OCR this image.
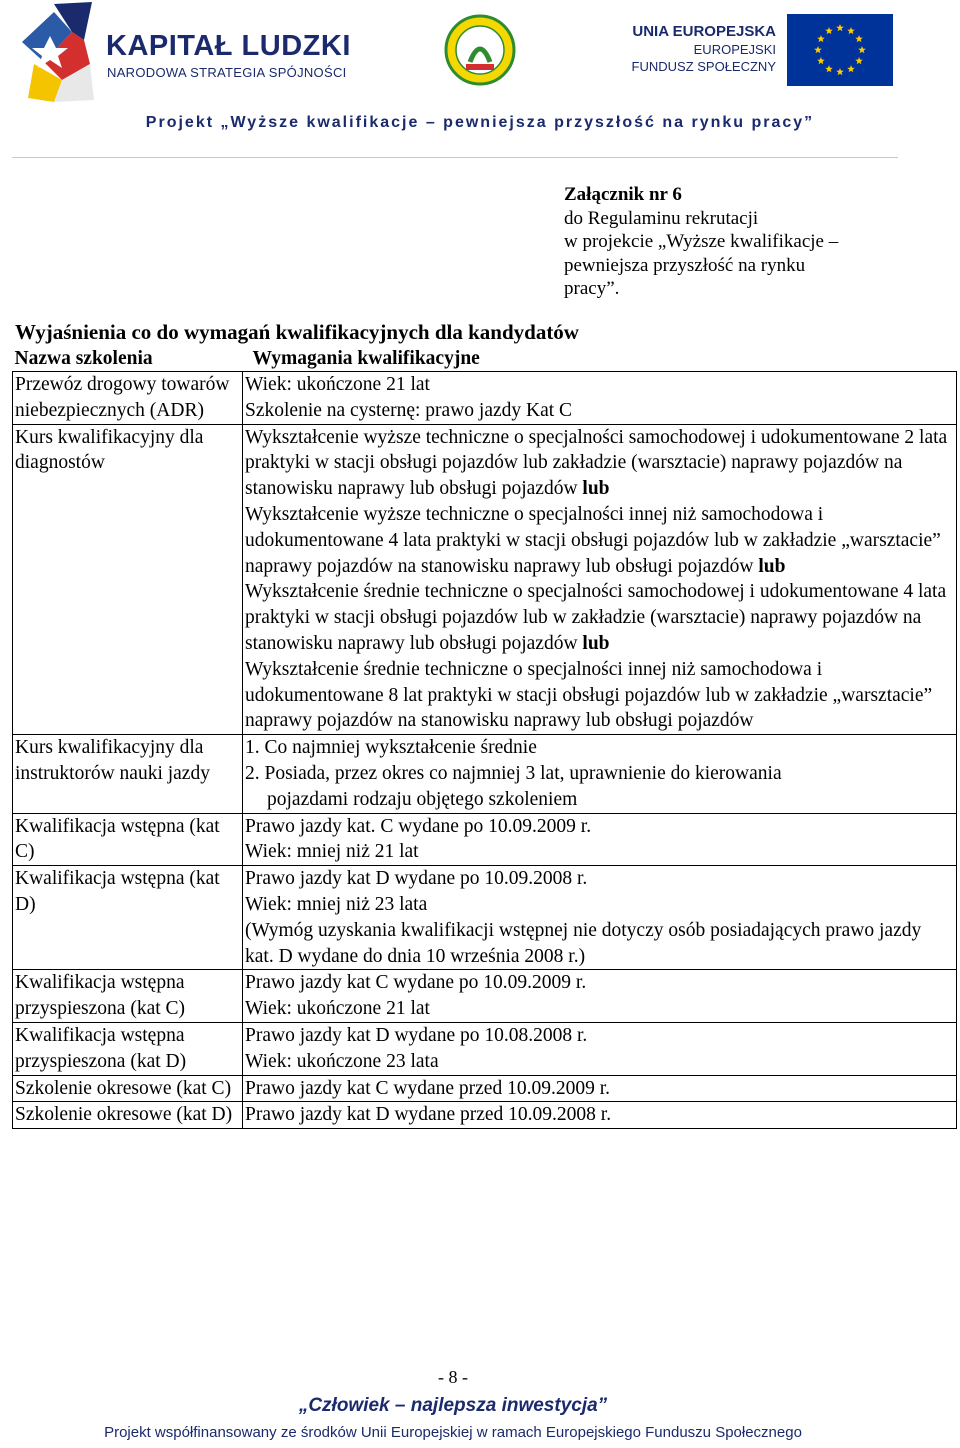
KAPITAŁ LUDZKI
NARODOWA STRATEGIA SPÓJNOŚCI
UNIA EUROPEJSKA
EUROPEJSKI
FUNDUSZ SPOŁECZNY
Projekt „Wyższe kwalifikacje – pewniejsza przyszłość na rynku pracy”
Załącznik nr 6
do Regulaminu rekrutacji
w projekcie „Wyższe kwalifikacje –
pewniejsza przyszłość na rynku
pracy”.
Wyjaśnienia co do wymagań kwalifikacyjnych dla kandydatów
Nazwa szkolenia	Wymagania kwalifikacyjne
Przewóz drogowy towarów niebezpiecznych (ADR)	Wiek: ukończone 21 lat

Szkolenie na cysternę: prawo jazdy Kat C

Kurs kwalifikacyjny dla diagnostów	Wykształcenie wyższe techniczne o specjalności samochodowej i udokumentowane 2 lata praktyki w stacji obsługi pojazdów lub zakładzie (warsztacie) naprawy pojazdów na stanowisku naprawy lub obsługi pojazdów lub

Wykształcenie wyższe techniczne o specjalności innej niż samochodowa i udokumentowane 4 lata praktyki w stacji obsługi pojazdów lub w zakładzie „warsztacie” naprawy pojazdów na stanowisku naprawy lub obsługi pojazdów lub

Wykształcenie średnie techniczne o specjalności samochodowej i udokumentowane 4 lata praktyki w stacji obsługi pojazdów lub w zakładzie (warsztacie) naprawy pojazdów na stanowisku naprawy lub obsługi pojazdów lub

Wykształcenie średnie techniczne o specjalności innej niż samochodowa i udokumentowane 8 lat praktyki w stacji obsługi pojazdów lub w zakładzie „warsztacie” naprawy pojazdów na stanowisku naprawy lub obsługi pojazdów

Kurs kwalifikacyjny dla instruktorów nauki jazdy	1. Co najmniej wykształcenie średnie

2. Posiada, przez okres co najmniej 3 lat, uprawnienie do kierowania

pojazdami rodzaju objętego szkoleniem

Kwalifikacja wstępna (kat C)	Prawo jazdy kat. C wydane po 10.09.2009 r.

Wiek: mniej niż 21 lat

Kwalifikacja wstępna (kat D)	Prawo jazdy kat D wydane po 10.09.2008 r.

Wiek: mniej niż 23 lata

(Wymóg uzyskania kwalifikacji wstępnej nie dotyczy osób posiadających prawo jazdy kat. D wydane do dnia 10 września 2008 r.)

Kwalifikacja wstępna przyspieszona (kat C)	Prawo jazdy kat C wydane po 10.09.2009 r.

Wiek: ukończone 21 lat

Kwalifikacja wstępna przyspieszona (kat D)	Prawo jazdy kat D wydane po 10.08.2008 r.

Wiek: ukończone 23 lata

Szkolenie okresowe (kat C)	Prawo jazdy kat C wydane przed 10.09.2009 r.

Szkolenie okresowe (kat D)	Prawo jazdy kat D wydane przed 10.09.2008 r.

- 8 -
„Człowiek – najlepsza inwestycja”
Projekt współfinansowany ze środków Unii Europejskiej w ramach Europejskiego Funduszu Społecznego
